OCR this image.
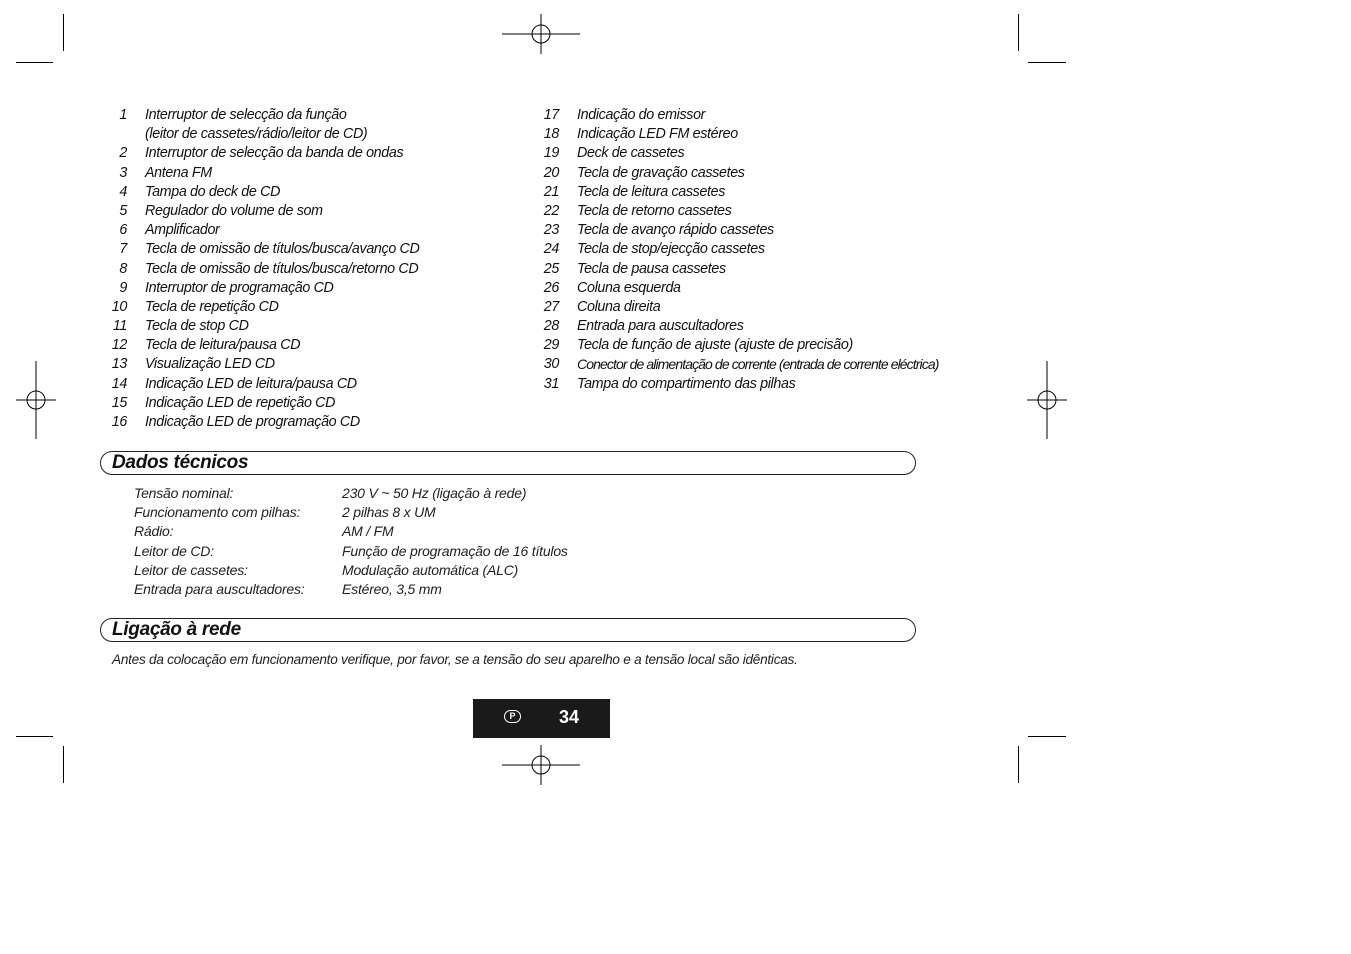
1 Interruptor de selecção da função
(leitor de cassetes/rádio/leitor de CD)
2 Interruptor de selecção da banda de ondas
3 Antena FM
4 Tampa do deck de CD
5 Regulador do volume de som
6 Amplificador
7 Tecla de omissão de títulos/busca/avanço CD
8 Tecla de omissão de títulos/busca/retorno CD
9 Interruptor de programação CD
10 Tecla de repetição CD
11 Tecla de stop CD
12 Tecla de leitura/pausa CD
13 Visualização LED CD
14 Indicação LED de leitura/pausa CD
15 Indicação LED de repetição CD
16 Indicação LED de programação CD
17 Indicação do emissor
18 Indicação LED FM estéreo
19 Deck de cassetes
20 Tecla de gravação cassetes
21 Tecla de leitura cassetes
22 Tecla de retorno cassetes
23 Tecla de avanço rápido cassetes
24 Tecla de stop/ejecção cassetes
25 Tecla de pausa cassetes
26 Coluna esquerda
27 Coluna direita
28 Entrada para auscultadores
29 Tecla de função de ajuste (ajuste de precisão)
30 Conector de alimentação de corrente (entrada de corrente eléctrica)
31 Tampa do compartimento das pilhas
Dados técnicos
Tensão nominal:	230 V ~ 50 Hz (ligação à rede)
Funcionamento com pilhas:	2 pilhas 8 x UM
Rádio:	AM / FM
Leitor de CD:	Função de programação de 16 títulos
Leitor de cassetes:	Modulação automática (ALC)
Entrada para auscultadores:	Estéreo, 3,5 mm
Ligação à rede
Antes da colocação em funcionamento verifique, por favor, se a tensão do seu aparelho e a tensão local são idênticas.
P	34
